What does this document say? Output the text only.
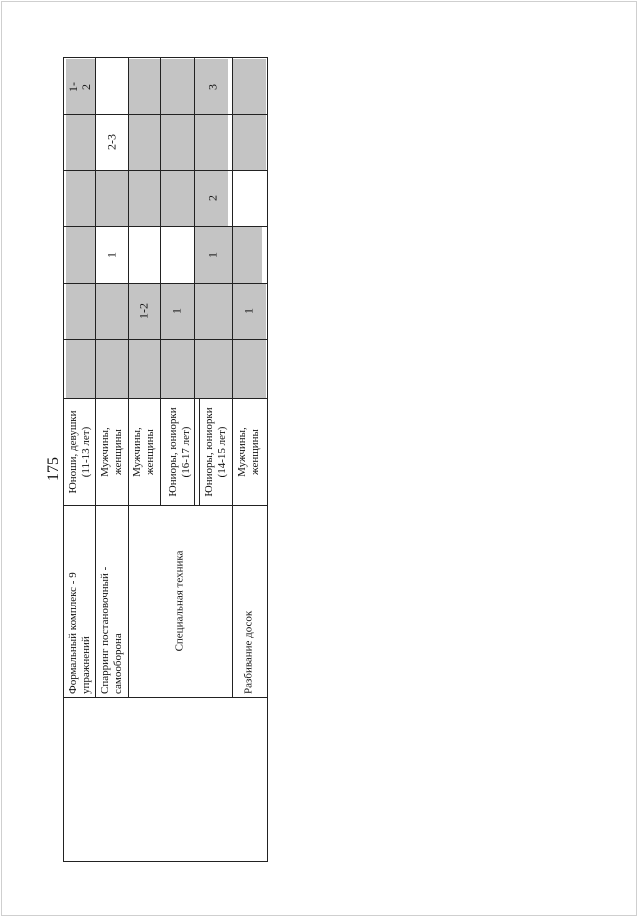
175
Формальный комплекс - 9
упражнений
Юноши, девушки
(11-13 лет)
1-2
Спарринг постановочный -
самооборона
Мужчины,
женщины
1
2-3
Специальная техника
Мужчины,
женщины
1-2
Юниоры, юниорки
(16-17 лет)
1
Юниоры, юниорки
(14-15 лет)
1
2
3
Разбивание досок
Мужчины,
женщины
1
